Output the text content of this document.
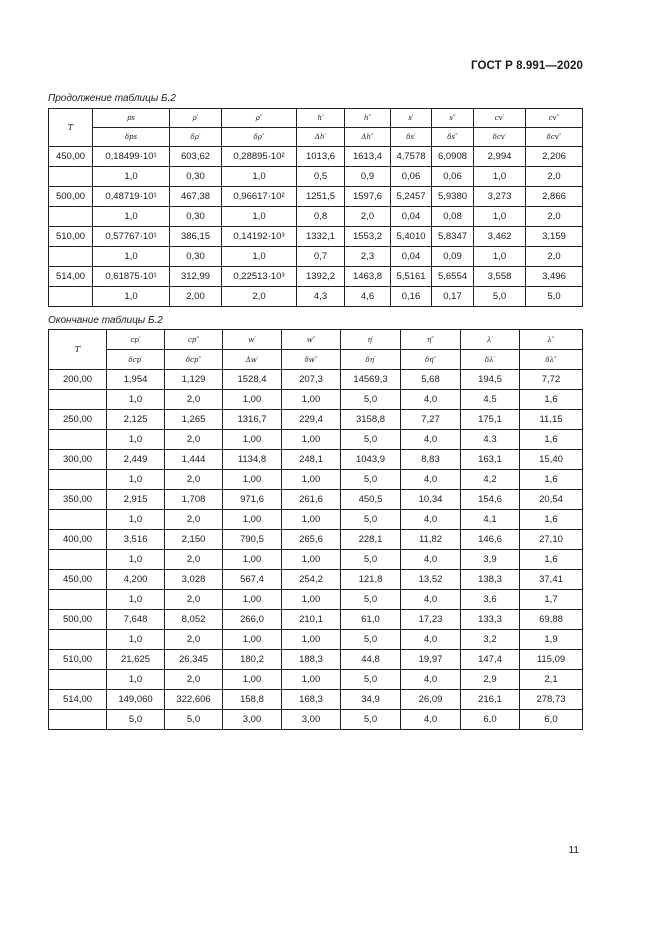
ГОСТ Р 8.991—2020
Продолжение таблицы Б.2
T	ps	ρ′	ρ″	h′	h″	s′	s″	cv′	cv″
	δps	δρ′	δρ″	Δh′	Δh″	δs′	δs″	δcv′	δcv″
450,00	0,18499·10¹	603,62	0,28895·10²	1013,6	1613,4	4,7578	6,0908	2,994	2,206
	1,0	0,30	1,0	0,5	0,9	0,06	0,06	1,0	2,0
500,00	0,48719·10¹	467,38	0,96617·10²	1251,5	1597,6	5,2457	5,9380	3,273	2,866
	1,0	0,30	1,0	0,8	2,0	0,04	0,08	1,0	2,0
510,00	0,57767·10¹	386,15	0,14192·10³	1332,1	1553,2	5,4010	5,8347	3,462	3,159
	1,0	0,30	1,0	0,7	2,3	0,04	0,09	1,0	2,0
514,00	0,61875·10¹	312,99	0,22513·10³	1392,2	1463,8	5,5161	5,6554	3,558	3,496
	1,0	2,00	2,0	4,3	4,6	0,16	0,17	5,0	5,0
Окончание таблицы Б.2
T	cp′	cp″	w′	w″	η′	η″	λ′	λ″
	δcp′	δcp″	Δw′	δw″	δη′	δη″	δλ′	δλ″
200,00	1,954	1,129	1528,4	207,3	14569,3	5,68	194,5	7,72
	1,0	2,0	1,00	1,00	5,0	4,0	4,5	1,6
250,00	2,125	1,265	1316,7	229,4	3158,8	7,27	175,1	11,15
	1,0	2,0	1,00	1,00	5,0	4,0	4,3	1,6
300,00	2,449	1,444	1134,8	248,1	1043,9	8,83	163,1	15,40
	1,0	2,0	1,00	1,00	5,0	4,0	4,2	1,6
350,00	2,915	1,708	971,6	261,6	450,5	10,34	154,6	20,54
	1,0	2,0	1,00	1,00	5,0	4,0	4,1	1,6
400,00	3,516	2,150	790,5	265,6	228,1	11,82	146,6	27,10
	1,0	2,0	1,00	1,00	5,0	4,0	3,9	1,6
450,00	4,200	3,028	567,4	254,2	121,8	13,52	138,3	37,41
	1,0	2,0	1,00	1,00	5,0	4,0	3,6	1,7
500,00	7,648	8,052	266,0	210,1	61,0	17,23	133,3	69,88
	1,0	2,0	1,00	1,00	5,0	4,0	3,2	1,9
510,00	21,625	26,345	180,2	188,3	44,8	19,97	147,4	115,09
	1,0	2,0	1,00	1,00	5,0	4,0	2,9	2,1
514,00	149,060	322,606	158,8	168,3	34,9	26,09	216,1	278,73
	5,0	5,0	3,00	3,00	5,0	4,0	6,0	6,0
11
